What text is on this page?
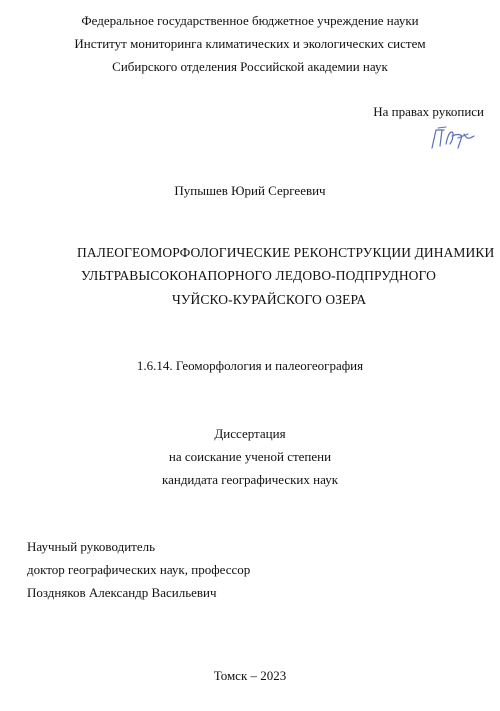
Федеральное государственное бюджетное учреждение науки
Институт мониторинга климатических и экологических систем
Сибирского отделения Российской академии наук
На правах рукописи
Пупышев Юрий Сергеевич
ПАЛЕОГЕОМОРФОЛОГИЧЕСКИЕ РЕКОНСТРУКЦИИ ДИНАМИКИ
УЛЬТРАВЫСОКОНАПОРНОГО ЛЕДОВО-ПОДПРУДНОГО
ЧУЙСКО-КУРАЙСКОГО ОЗЕРА
1.6.14. Геоморфология и палеогеография
Диссертация
на соискание ученой степени
кандидата географических наук
Научный руководитель
доктор географических наук, профессор
Поздняков Александр Васильевич
Томск – 2023
